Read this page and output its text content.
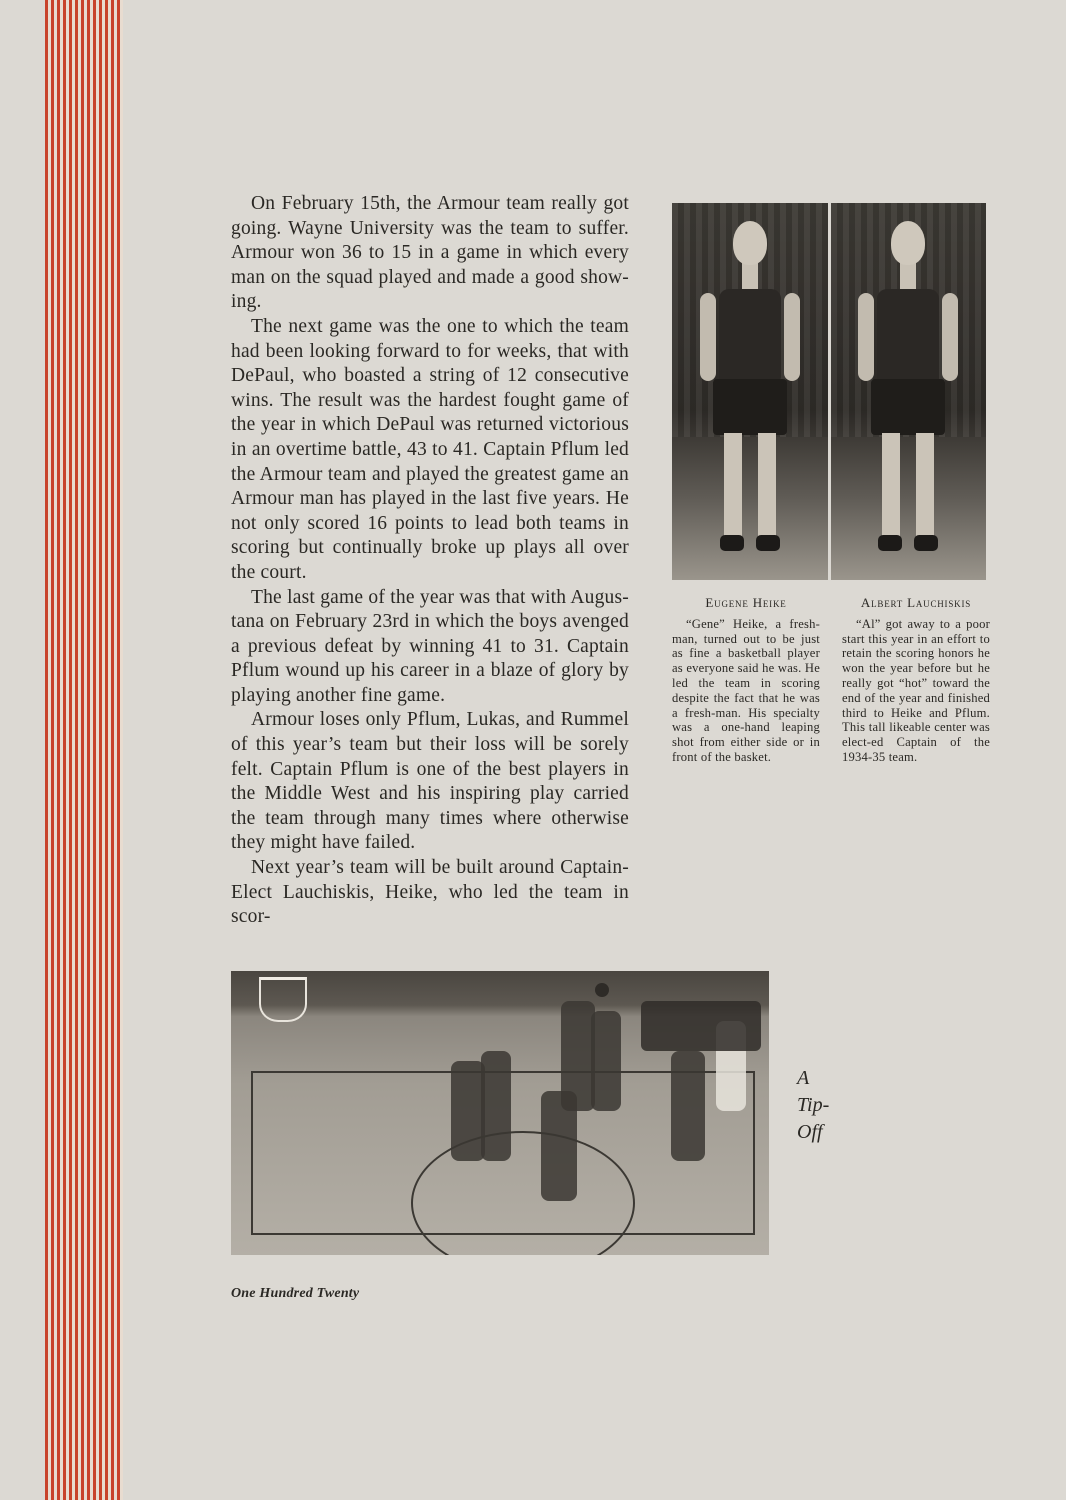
On February 15th, the Armour team really got going. Wayne University was the team to suffer. Armour won 36 to 15 in a game in which every man on the squad played and made a good show-ing.

The next game was the one to which the team had been looking forward to for weeks, that with DePaul, who boasted a string of 12 consecutive wins. The result was the hardest fought game of the year in which DePaul was returned victorious in an overtime battle, 43 to 41. Captain Pflum led the Armour team and played the greatest game an Armour man has played in the last five years. He not only scored 16 points to lead both teams in scoring but continually broke up plays all over the court.

The last game of the year was that with Augus-tana on February 23rd in which the boys avenged a previous defeat by winning 41 to 31. Captain Pflum wound up his career in a blaze of glory by playing another fine game.

Armour loses only Pflum, Lukas, and Rummel of this year’s team but their loss will be sorely felt. Captain Pflum is one of the best players in the Middle West and his inspiring play carried the team through many times where otherwise they might have failed.

Next year’s team will be built around Captain-Elect Lauchiskis, Heike, who led the team in scor-

Eugene Heike
“Gene” Heike, a fresh-man, turned out to be just as fine a basketball player as everyone said he was. He led the team in scoring despite the fact that he was a fresh-man. His specialty was a one-hand leaping shot from either side or in front of the basket.
Albert Lauchiskis
“Al” got away to a poor start this year in an effort to retain the scoring honors he won the year before but he really got “hot” toward the end of the year and finished third to Heike and Pflum. This tall likeable center was elect-ed Captain of the 1934-35 team.
A
Tip-
Off
One Hundred Twenty
